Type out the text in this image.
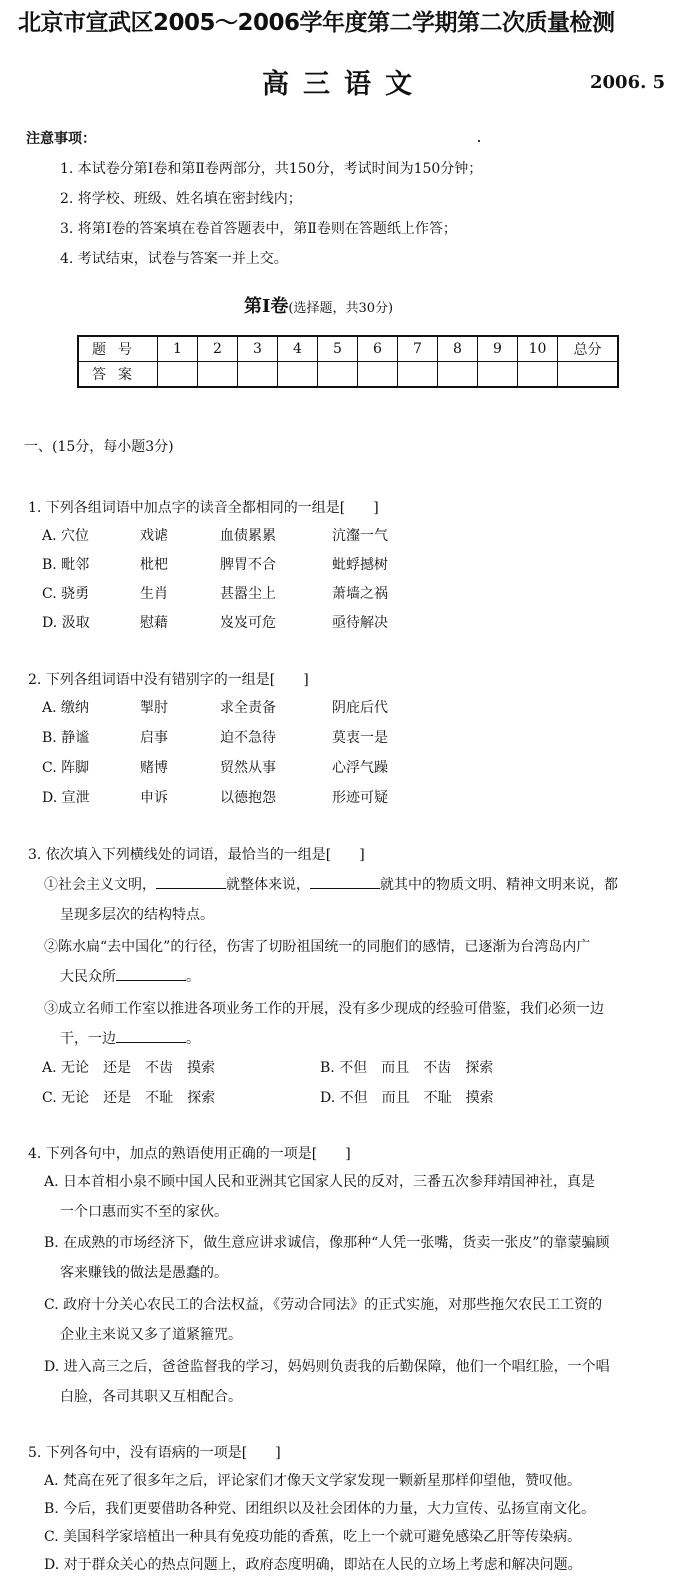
北京市宣武区2005～2006学年度第二学期第二次质量检测
高三语文	2006. 5
注意事项：
1. 本试卷分第Ⅰ卷和第Ⅱ卷两部分，共150分，考试时间为150分钟；
2. 将学校、班级、姓名填在密封线内；
3. 将第Ⅰ卷的答案填在卷首答题表中，第Ⅱ卷则在答题纸上作答；
4. 考试结束，试卷与答案一并上交。
第Ⅰ卷(选择题，共30分)
题号	1	2	3	4	5	6	7	8	9	10	总分
答案											
一、(15分，每小题3分)
1. 下列各组词语中加点字的读音全都相同的一组是[　　]
A. 穴位	戏谑	血债累累	沆瀣一气
B. 毗邻	枇杷	脾胃不合	蚍蜉撼树
C. 骁勇	生肖	甚嚣尘上	萧墙之祸
D. 汲取	慰藉	岌岌可危	亟待解决
2. 下列各组词语中没有错别字的一组是[　　]
A. 缴纳	掣肘	求全责备	阴庇后代
B. 静谧	启事	迫不急待	莫衷一是
C. 阵脚	赌博	贸然从事	心浮气躁
D. 宣泄	申诉	以德抱怨	形迹可疑
3. 依次填入下列横线处的词语，最恰当的一组是[　　]
①社会主义文明，	就整体来说，	就其中的物质文明、精神文明来说，都
呈现多层次的结构特点。
②陈水扁“去中国化”的行径，伤害了切盼祖国统一的同胞们的感情，已逐渐为台湾岛内广
大民众所	。
③成立名师工作室以推进各项业务工作的开展，没有多少现成的经验可借鉴，我们必须一边
干，一边	。
A. 无论　还是　不齿　摸索	B. 不但　而且　不齿　探索
C. 无论　还是　不耻　探索	D. 不但　而且　不耻　摸索
4. 下列各句中，加点的熟语使用正确的一项是[　　]
A. 日本首相小泉不顾中国人民和亚洲其它国家人民的反对，三番五次参拜靖国神社，真是
一个口惠而实不至的家伙。
B. 在成熟的市场经济下，做生意应讲求诚信，像那种“人凭一张嘴，货卖一张皮”的靠蒙骗顾
客来赚钱的做法是愚蠢的。
C. 政府十分关心农民工的合法权益，《劳动合同法》的正式实施，对那些拖欠农民工工资的
企业主来说又多了道紧箍咒。
D. 进入高三之后，爸爸监督我的学习，妈妈则负责我的后勤保障，他们一个唱红脸，一个唱
白脸，各司其职又互相配合。
5. 下列各句中，没有语病的一项是[　　]
A. 梵高在死了很多年之后，评论家们才像天文学家发现一颗新星那样仰望他，赞叹他。
B. 今后，我们更要借助各种党、团组织以及社会团体的力量，大力宣传、弘扬宣南文化。
C. 美国科学家培植出一种具有免疫功能的香蕉，吃上一个就可避免感染乙肝等传染病。
D. 对于群众关心的热点问题上，政府态度明确，即站在人民的立场上考虑和解决问题。
